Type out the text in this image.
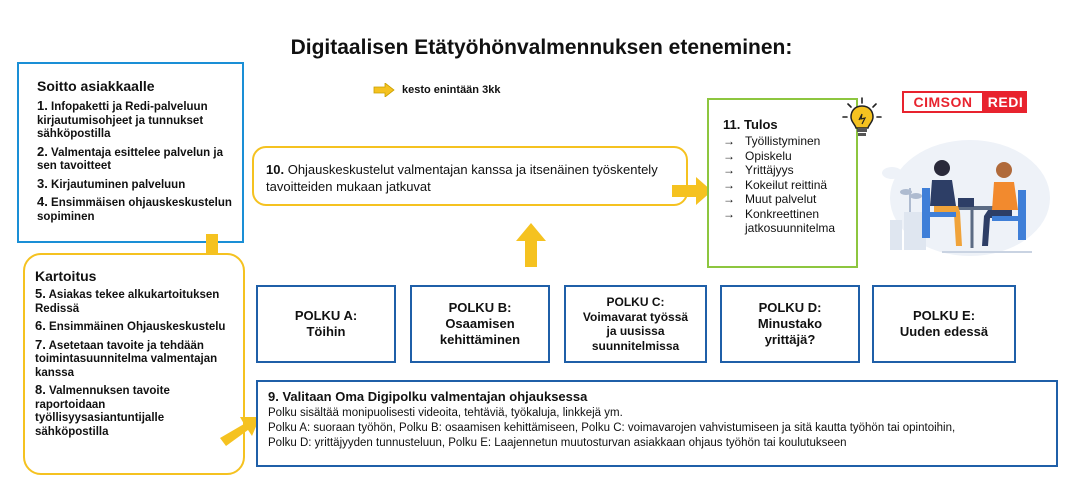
Digitaalisen Etätyöhönvalmennuksen eteneminen:
kesto enintään 3kk
Soitto asiakkaalle
1. Infopaketti ja Redi-palveluun kirjautumisohjeet ja tunnukset sähköpostilla
2. Valmentaja esittelee palvelun ja sen tavoitteet
3. Kirjautuminen palveluun
4. Ensimmäisen ohjauskeskustelun sopiminen
Kartoitus
5. Asiakas tekee alkukartoituksen Redissä
6. Ensimmäinen Ohjauskeskustelu
7. Asetetaan tavoite ja tehdään toimintasuunnitelma valmentajan kanssa
8. Valmennuksen tavoite raportoidaan työllisyysasiantuntijalle sähköpostilla
10. Ohjauskeskustelut valmentajan kanssa ja itsenäinen työskentely tavoitteiden mukaan jatkuvat
11. Tulos
→ Työllistyminen
→ Opiskelu
→ Yrittäjyys
→ Kokeilut reittinä
→ Muut palvelut
→ Konkreettinen jatkosuunnitelma
CIMSON	REDI
POLKU A:
Töihin
POLKU B:
Osaamisen kehittäminen
POLKU C:
Voimavarat työssä ja uusissa suunnitelmissa
POLKU D:
Minustako yrittäjä?
POLKU E:
Uuden edessä
9. Valitaan Oma Digipolku valmentajan ohjauksessa
Polku sisältää monipuolisesti videoita, tehtäviä, työkaluja, linkkejä ym.
Polku A: suoraan työhön, Polku B: osaamisen kehittämiseen, Polku C: voimavarojen vahvistumiseen ja sitä kautta työhön tai opintoihin,
Polku D: yrittäjyyden tunnusteluun, Polku E: Laajennetun muutosturvan asiakkaan ohjaus työhön tai koulutukseen
